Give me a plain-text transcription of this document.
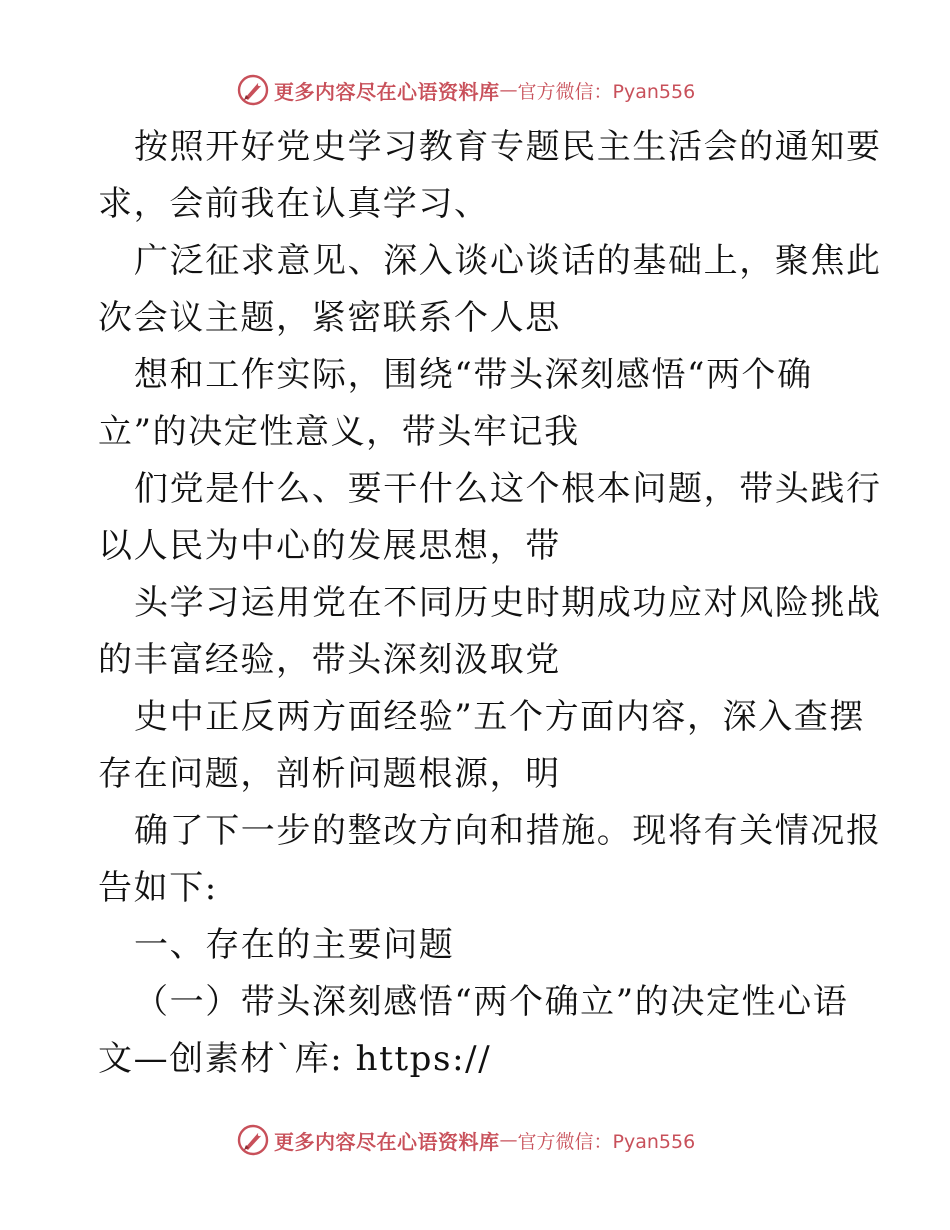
更多内容尽在心语资料库 — 官方微信：Pyan556
按照开好党史学习教育专题民主生活会的通知要
求，会前我在认真学习、
广泛征求意见、深入谈心谈话的基础上，聚焦此
次会议主题，紧密联系个人思
想和工作实际，围绕“带头深刻感悟“两个确
立”的决定性意义，带头牢记我
们党是什么、要干什么这个根本问题，带头践行
以人民为中心的发展思想，带
头学习运用党在不同历史时期成功应对风险挑战
的丰富经验，带头深刻汲取党
史中正反两方面经验”五个方面内容，深入查摆
存在问题，剖析问题根源，明
确了下一步的整改方向和措施。现将有关情况报
告如下:
一、存在的主要问题
（一）带头深刻感悟“两个确立”的决定性心语
文—创素材`库: https://
更多内容尽在心语资料库 — 官方微信：Pyan556
